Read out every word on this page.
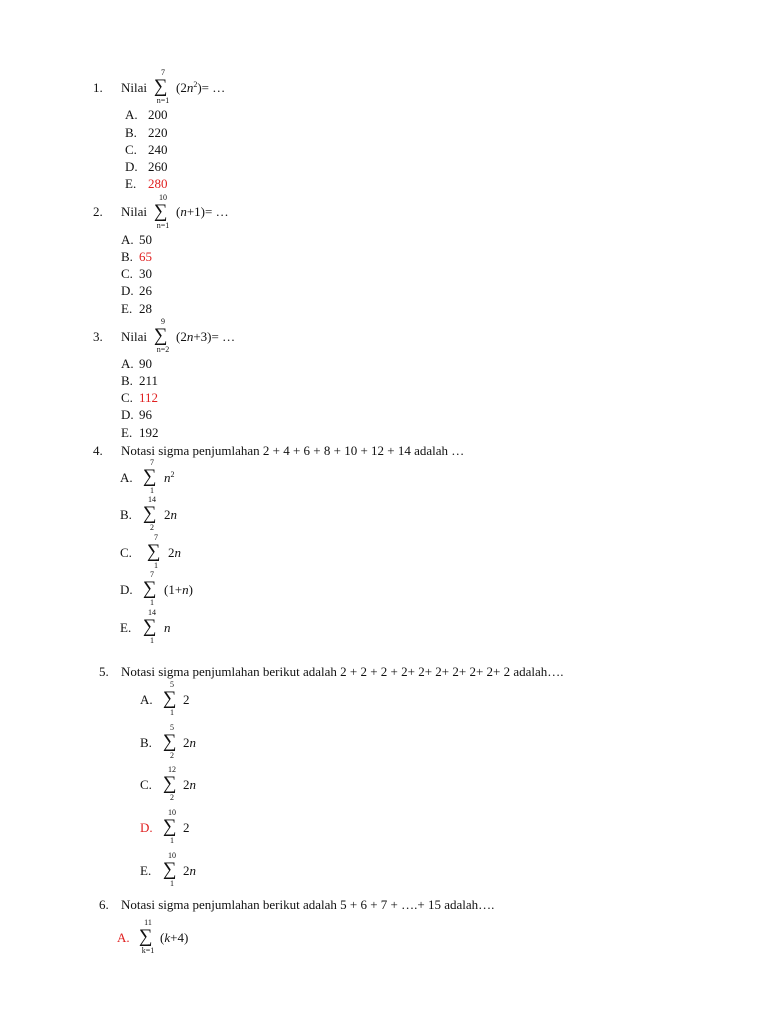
1. Nilai
7
∑
n=1
$(2n^2)=$ …
A. 200
B. 220
C. 240
D. 260
E. 280
2. Nilai
10
∑
n=1
(n+1)= …
A. 50
B. 65
C. 30
D. 26
E. 28
3. Nilai
9
∑
n=2
(2n+3)= …
A. 90
B. 211
C. 112
D. 96
E. 192
4. Notasi sigma penjumlahan 2 + 4 + 6 + 8 + 10 + 12 + 14 adalah …
A.
7
∑
1
$n^2$
B.
14
∑
2
2n
C.
7
∑
1
2n
D.
7
∑
1
(1+n)
E.
14
∑
1
n
5. Notasi sigma penjumlahan berikut adalah 2 + 2 + 2 + 2+ 2+ 2+ 2+ 2+ 2+ 2 adalah….
A.
5
∑
1
2
B.
5
∑
2
2n
C.
12
∑
2
2n
D.
10
∑
1
2
E.
10
∑
1
2n
6. Notasi sigma penjumlahan berikut adalah 5 + 6 + 7 + ….+ 15 adalah….
A.
11
∑
k=1
(k+4)
